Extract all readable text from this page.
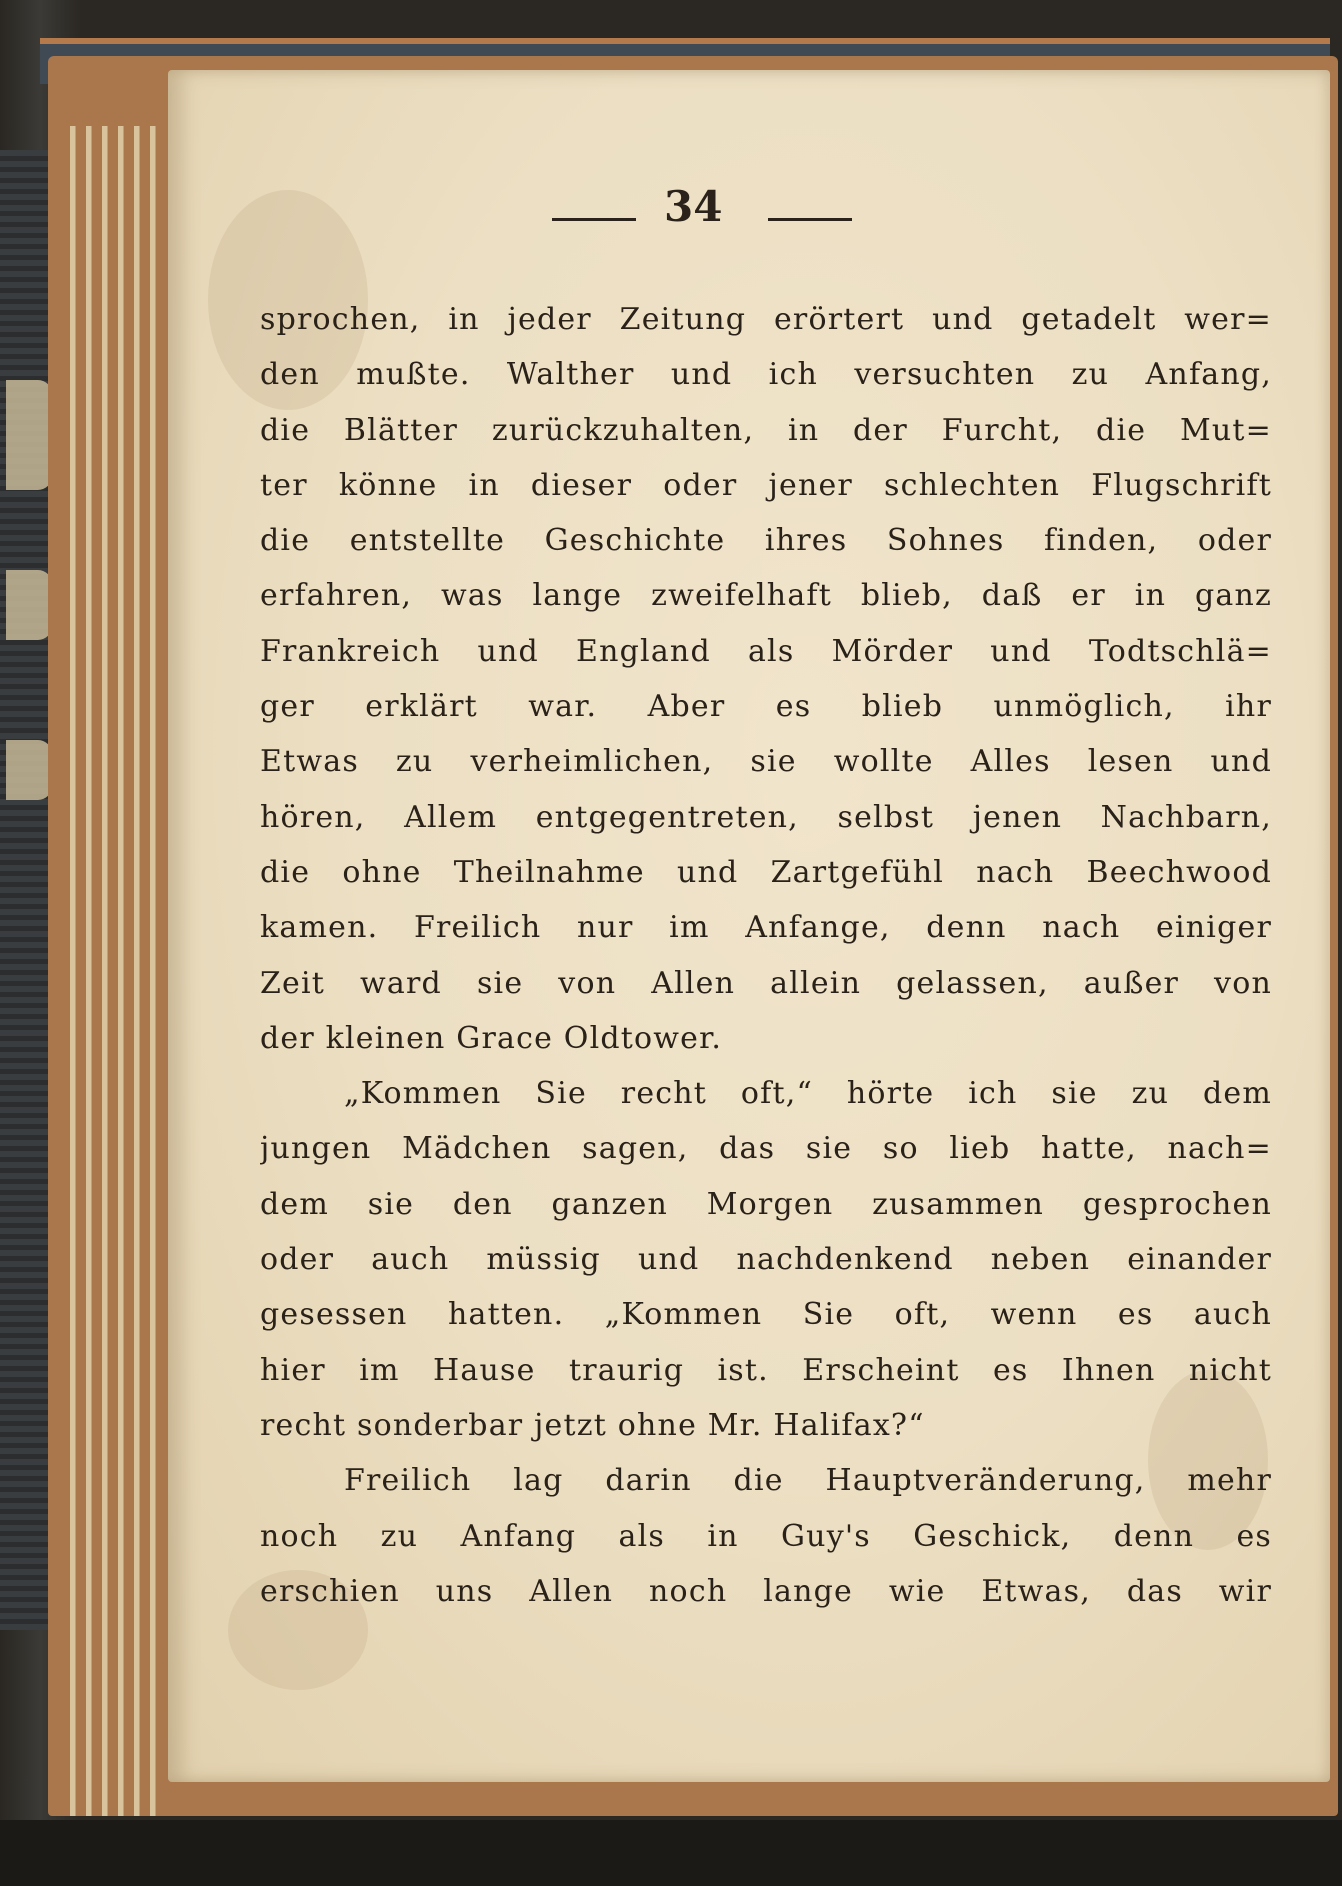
34
sprochen, in jeder Zeitung erörtert und getadelt wer=
den mußte. Walther und ich versuchten zu Anfang,
die Blätter zurückzuhalten, in der Furcht, die Mut=
ter könne in dieser oder jener schlechten Flugschrift
die entstellte Geschichte ihres Sohnes finden, oder
erfahren, was lange zweifelhaft blieb, daß er in ganz
Frankreich und England als Mörder und Todtschlä=
ger erklärt war. Aber es blieb unmöglich, ihr
Etwas zu verheimlichen, sie wollte Alles lesen und
hören, Allem entgegentreten, selbst jenen Nachbarn,
die ohne Theilnahme und Zartgefühl nach Beechwood
kamen. Freilich nur im Anfange, denn nach einiger
Zeit ward sie von Allen allein gelassen, außer von
der kleinen Grace Oldtower.
„Kommen Sie recht oft,“ hörte ich sie zu dem
jungen Mädchen sagen, das sie so lieb hatte, nach=
dem sie den ganzen Morgen zusammen gesprochen
oder auch müssig und nachdenkend neben einander
gesessen hatten. „Kommen Sie oft, wenn es auch
hier im Hause traurig ist. Erscheint es Ihnen nicht
recht sonderbar jetzt ohne Mr. Halifax?“
Freilich lag darin die Hauptveränderung, mehr
noch zu Anfang als in Guy's Geschick, denn es
erschien uns Allen noch lange wie Etwas, das wir
